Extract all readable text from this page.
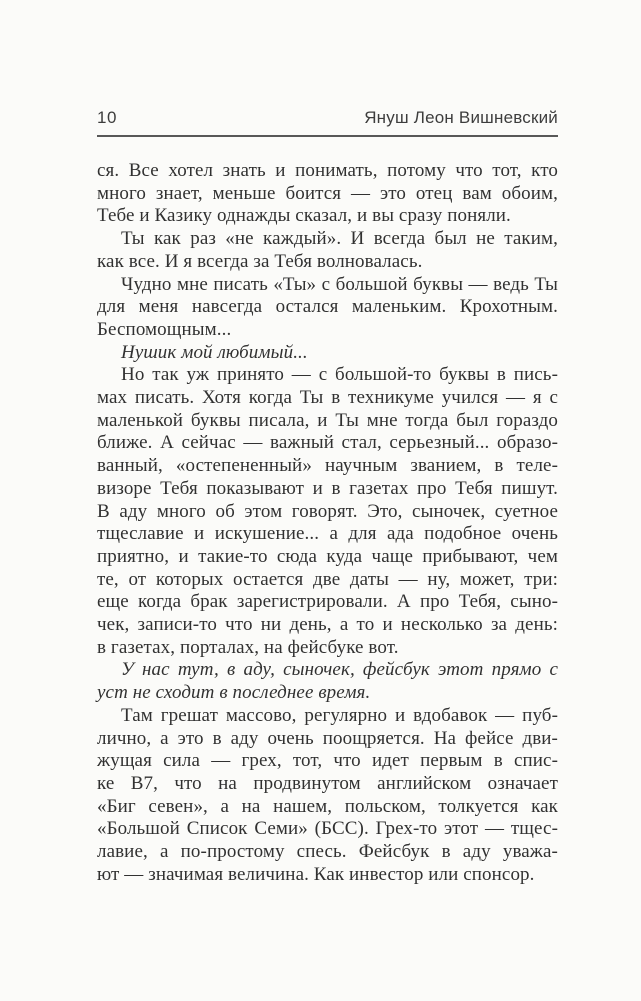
10	Януш Леон Вишневский
ся. Все хотел знать и понимать, потому что тот, кто
много знает, меньше боится — это отец вам обоим,
Тебе и Казику однажды сказал, и вы сразу поняли.
Ты как раз «не каждый». И всегда был не таким,
как все. И я всегда за Тебя волновалась.
Чудно мне писать «Ты» с большой буквы — ведь Ты
для меня навсегда остался маленьким. Крохотным.
Беспомощным...
Нушик мой любимый...
Но так уж принято — с большой-то буквы в пись-
мах писать. Хотя когда Ты в техникуме учился — я с
маленькой буквы писала, и Ты мне тогда был гораздо
ближе. А сейчас — важный стал, серьезный... образо-
ванный, «остепененный» научным званием, в теле-
визоре Тебя показывают и в газетах про Тебя пишут.
В аду много об этом говорят. Это, сыночек, суетное
тщеславие и искушение... а для ада подобное очень
приятно, и такие-то сюда куда чаще прибывают, чем
те, от которых остается две даты — ну, может, три:
еще когда брак зарегистрировали. А про Тебя, сыно-
чек, записи-то что ни день, а то и несколько за день:
в газетах, порталах, на фейсбуке вот.
У нас тут, в аду, сыночек, фейсбук этот прямо с
уст не сходит в последнее время.
Там грешат массово, регулярно и вдобавок — пуб-
лично, а это в аду очень поощряется. На фейсе дви-
жущая сила — грех, тот, что идет первым в спис-
ке В7, что на продвинутом английском означает
«Биг севен», а на нашем, польском, толкуется как
«Большой Список Семи» (БСС). Грех-то этот — тщес-
лавие, а по-простому спесь. Фейсбук в аду уважа-
ют — значимая величина. Как инвестор или спонсор.
